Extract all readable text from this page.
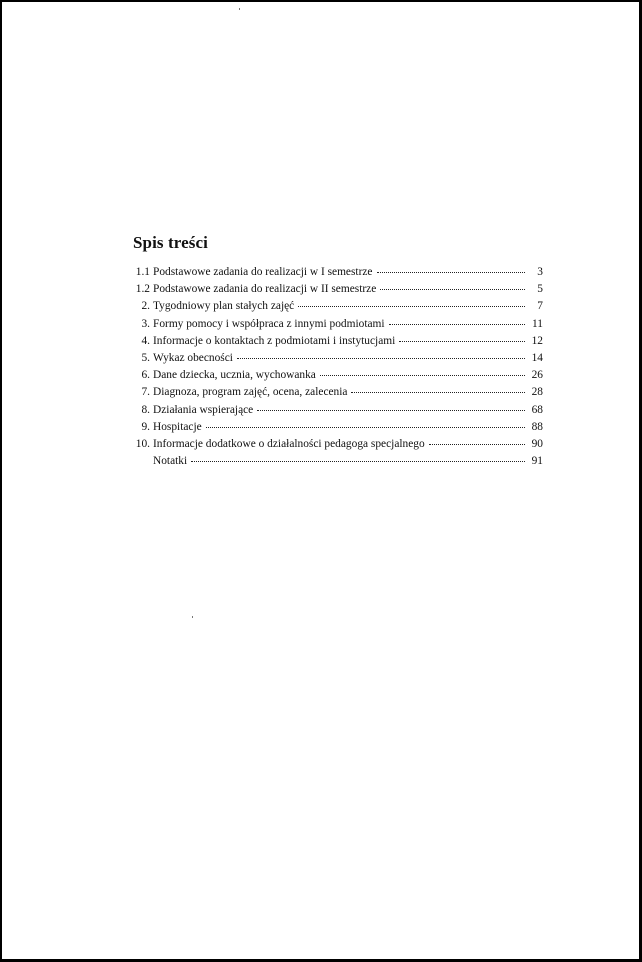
Spis treści
1.1 Podstawowe zadania do realizacji w I semestrze	3
1.2 Podstawowe zadania do realizacji w II semestrze	5
2. Tygodniowy plan stałych zajęć	7
3. Formy pomocy i współpraca z innymi podmiotami	11
4. Informacje o kontaktach z podmiotami i instytucjami	12
5. Wykaz obecności	14
6. Dane dziecka, ucznia, wychowanka	26
7. Diagnoza, program zajęć, ocena, zalecenia	28
8. Działania wspierające	68
9. Hospitacje	88
10. Informacje dodatkowe o działalności pedagoga specjalnego	90
Notatki	91
